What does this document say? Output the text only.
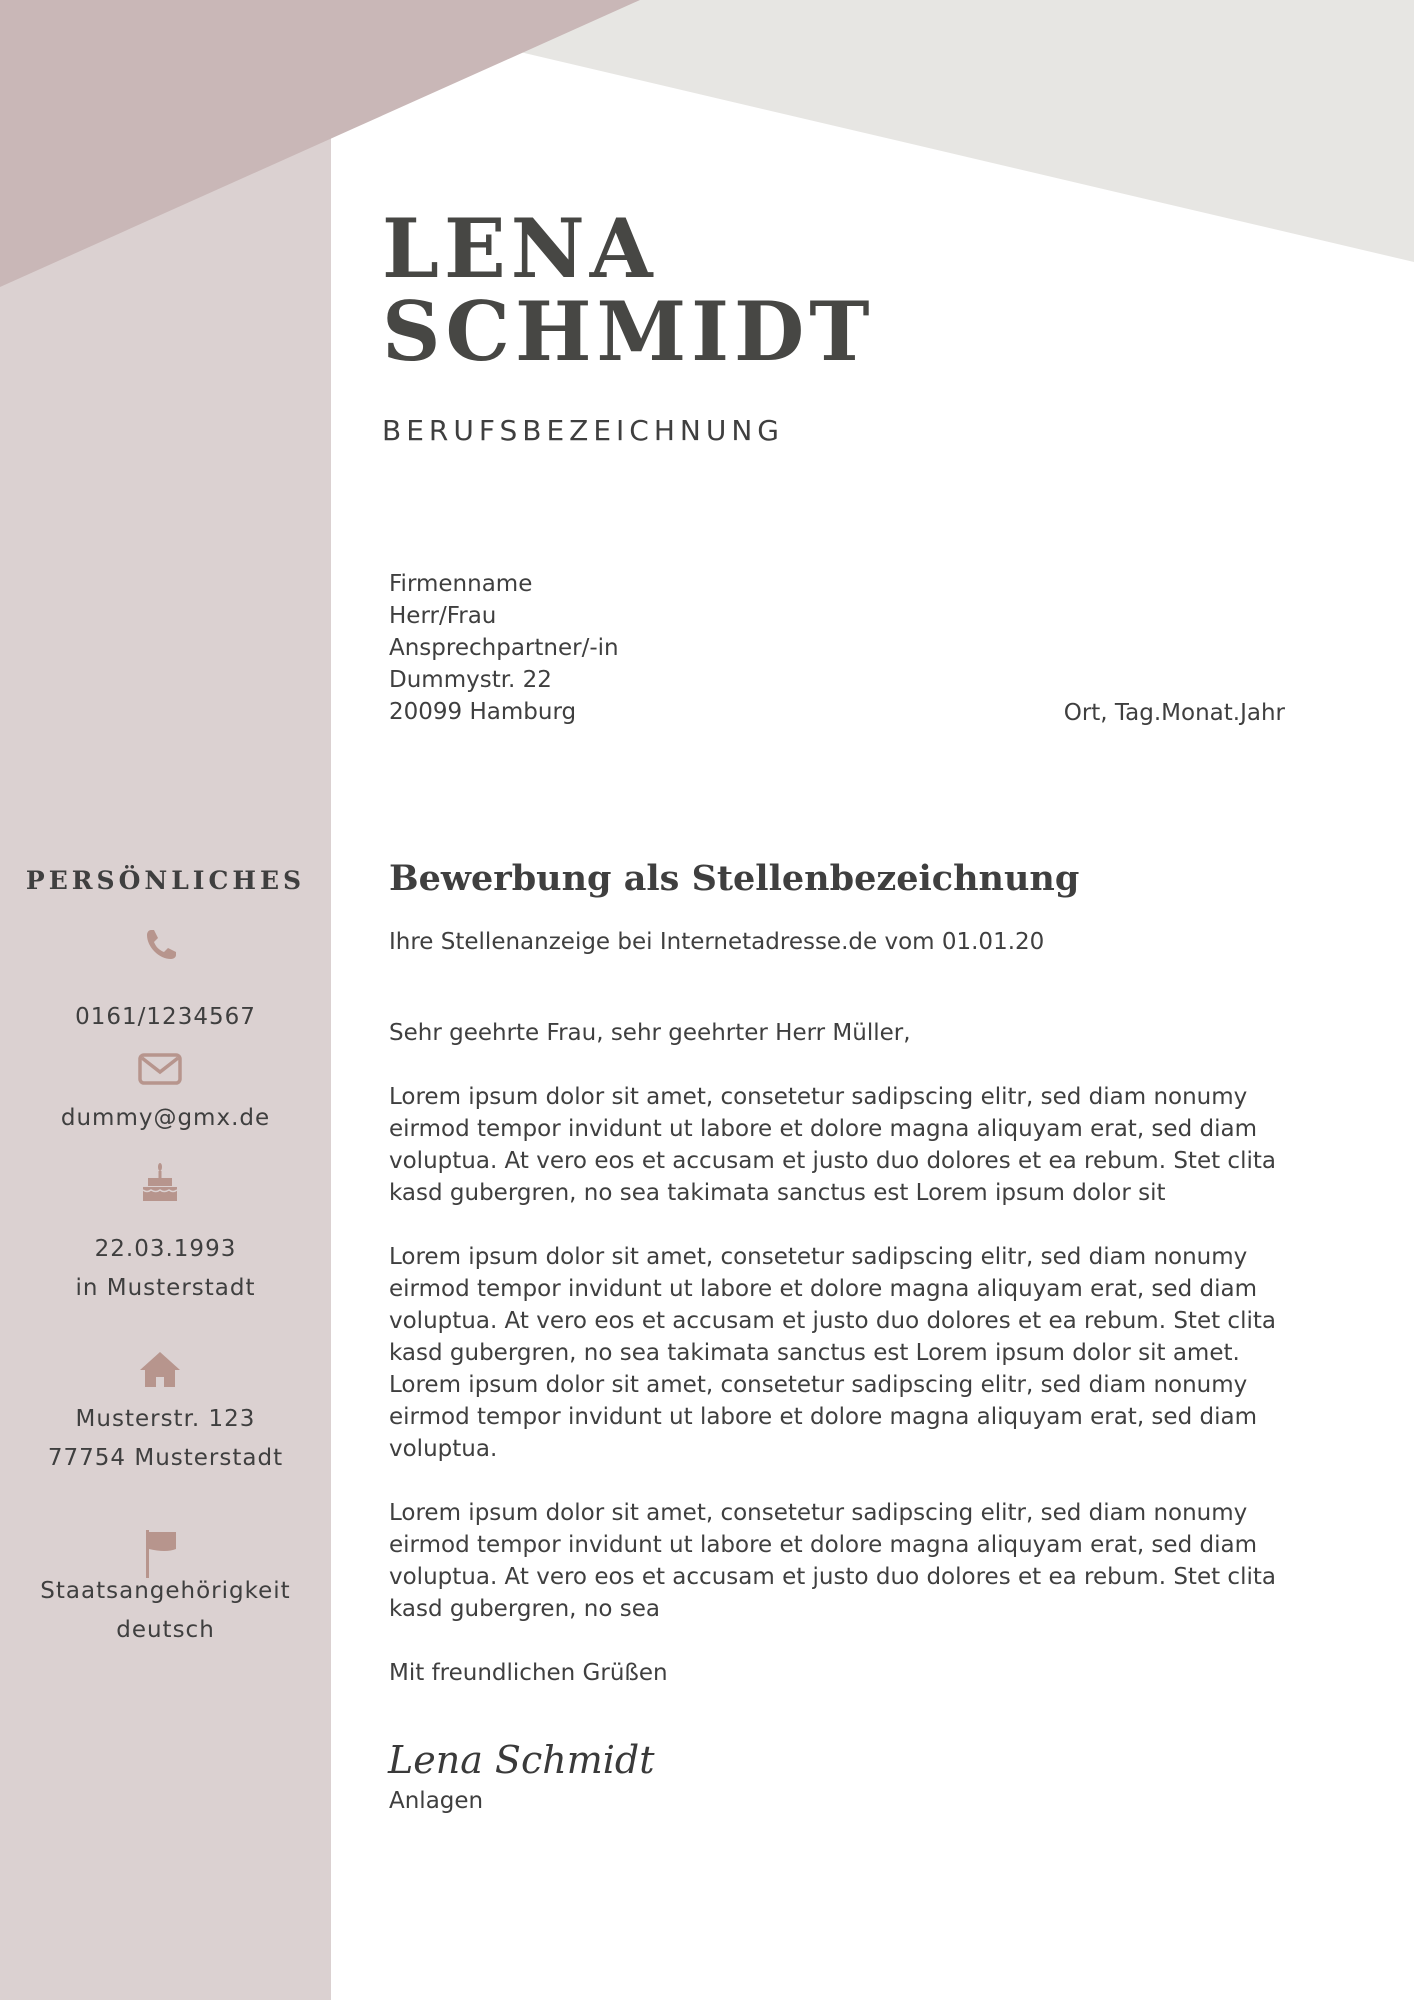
LENA
SCHMIDT
BERUFSBEZEICHNUNG
Firmenname
Herr/Frau
Ansprechpartner/-in
Dummystr. 22
20099 Hamburg	Ort, Tag.Monat.Jahr
PERSÖNLICHES
0161/1234567
dummy@gmx.de
22.03.1993
in Musterstadt
Musterstr. 123
77754 Musterstadt
Staatsangehörigkeit
deutsch
Bewerbung als Stellenbezeichnung
Ihre Stellenanzeige bei Internetadresse.de vom 01.01.20

Sehr geehrte Frau, sehr geehrter Herr Müller,

Lorem ipsum dolor sit amet, consetetur sadipscing elitr, sed diam nonumy eirmod tempor invidunt ut labore et dolore magna aliquyam erat, sed diam voluptua. At vero eos et accusam et justo duo dolores et ea rebum. Stet clita kasd gubergren, no sea takimata sanctus est Lorem ipsum dolor sit

Lorem ipsum dolor sit amet, consetetur sadipscing elitr, sed diam nonumy eirmod tempor invidunt ut labore et dolore magna aliquyam erat, sed diam voluptua. At vero eos et accusam et justo duo dolores et ea rebum. Stet clita kasd gubergren, no sea takimata sanctus est Lorem ipsum dolor sit amet. Lorem ipsum dolor sit amet, consetetur sadipscing elitr, sed diam nonumy eirmod tempor invidunt ut labore et dolore magna aliquyam erat, sed diam voluptua.

Lorem ipsum dolor sit amet, consetetur sadipscing elitr, sed diam nonumy eirmod tempor invidunt ut labore et dolore magna aliquyam erat, sed diam voluptua. At vero eos et accusam et justo duo dolores et ea rebum. Stet clita kasd gubergren, no sea

Mit freundlichen Grüßen

Lena Schmidt
Anlagen
